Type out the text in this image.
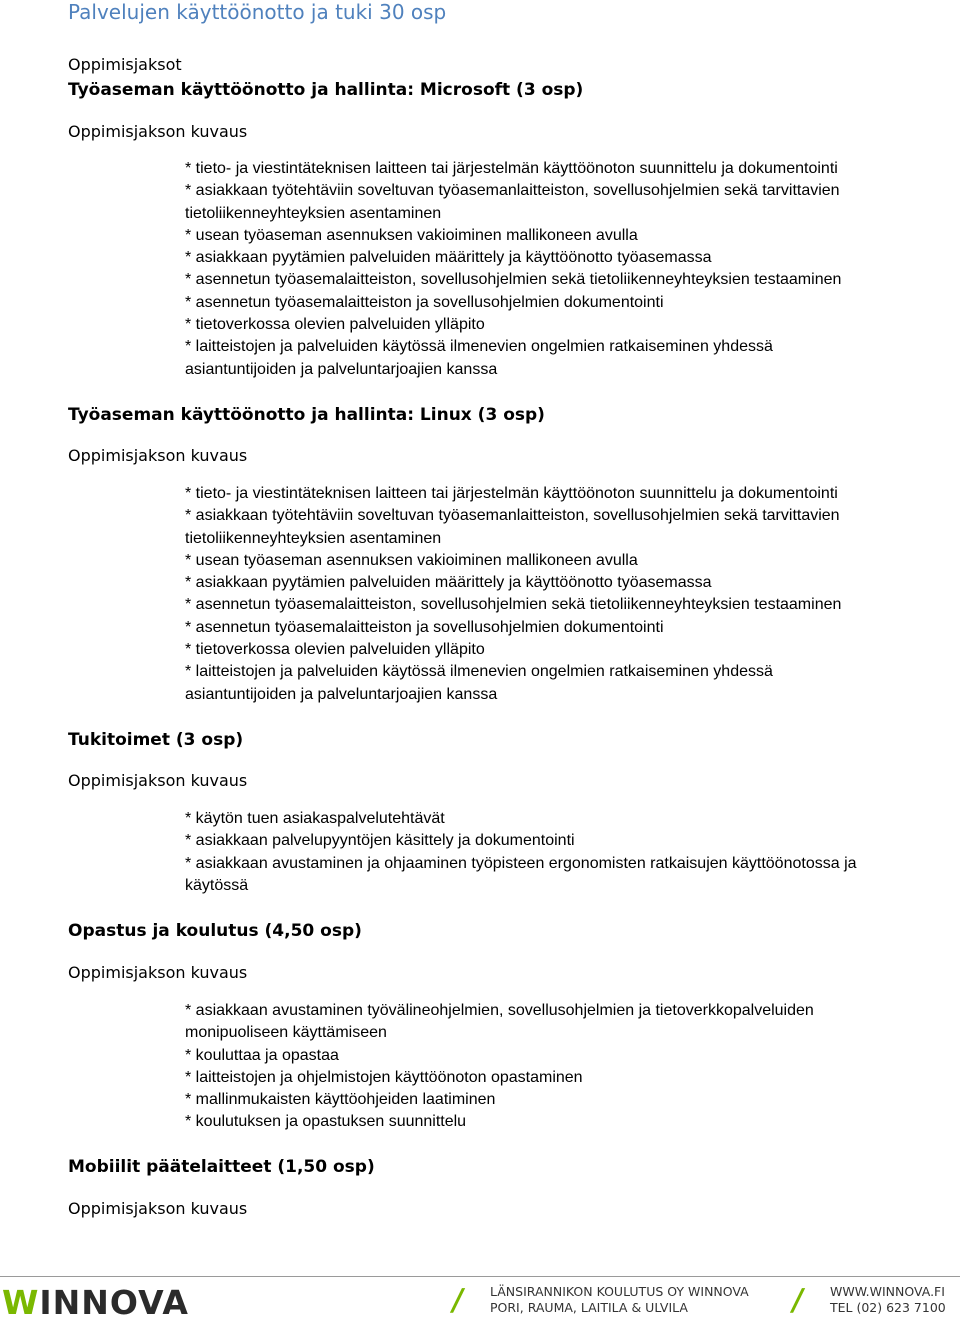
Palvelujen käyttöönotto ja tuki 30 osp
Oppimisjaksot
Työaseman käyttöönotto ja hallinta: Microsoft (3 osp)
Oppimisjakson kuvaus
* tieto- ja viestintäteknisen laitteen tai järjestelmän käyttöönoton suunnittelu ja dokumentointi
* asiakkaan työtehtäviin soveltuvan työasemanlaitteiston, sovellusohjelmien sekä tarvittavien
tietoliikenneyhteyksien asentaminen
* usean työaseman asennuksen vakioiminen mallikoneen avulla
* asiakkaan pyytämien palveluiden määrittely ja käyttöönotto työasemassa
* asennetun työasemalaitteiston, sovellusohjelmien sekä tietoliikenneyhteyksien testaaminen
* asennetun työasemalaitteiston ja sovellusohjelmien dokumentointi
* tietoverkossa olevien palveluiden ylläpito
* laitteistojen ja palveluiden käytössä ilmenevien ongelmien ratkaiseminen yhdessä
asiantuntijoiden ja palveluntarjoajien kanssa
Työaseman käyttöönotto ja hallinta: Linux (3 osp)
Oppimisjakson kuvaus
* tieto- ja viestintäteknisen laitteen tai järjestelmän käyttöönoton suunnittelu ja dokumentointi
* asiakkaan työtehtäviin soveltuvan työasemanlaitteiston, sovellusohjelmien sekä tarvittavien
tietoliikenneyhteyksien asentaminen
* usean työaseman asennuksen vakioiminen mallikoneen avulla
* asiakkaan pyytämien palveluiden määrittely ja käyttöönotto työasemassa
* asennetun työasemalaitteiston, sovellusohjelmien sekä tietoliikenneyhteyksien testaaminen
* asennetun työasemalaitteiston ja sovellusohjelmien dokumentointi
* tietoverkossa olevien palveluiden ylläpito
* laitteistojen ja palveluiden käytössä ilmenevien ongelmien ratkaiseminen yhdessä
asiantuntijoiden ja palveluntarjoajien kanssa
Tukitoimet (3 osp)
Oppimisjakson kuvaus
* käytön tuen asiakaspalvelutehtävät
* asiakkaan palvelupyyntöjen käsittely ja dokumentointi
* asiakkaan avustaminen ja ohjaaminen työpisteen ergonomisten ratkaisujen käyttöönotossa ja
käytössä
Opastus ja koulutus (4,50 osp)
Oppimisjakson kuvaus
* asiakkaan avustaminen työvälineohjelmien, sovellusohjelmien ja tietoverkkopalveluiden
monipuoliseen käyttämiseen
* kouluttaa ja opastaa
* laitteistojen ja ohjelmistojen käyttöönoton opastaminen
* mallinmukaisten käyttöohjeiden laatiminen
* koulutuksen ja opastuksen suunnittelu
Mobiilit päätelaitteet (1,50 osp)
Oppimisjakson kuvaus
WINNOVA	/ LÄNSIRANNIKON KOULUTUS OY WINNOVA
PORI, RAUMA, LAITILA & ULVILA	/ WWW.WINNOVA.FI
TEL (02) 623 7100
